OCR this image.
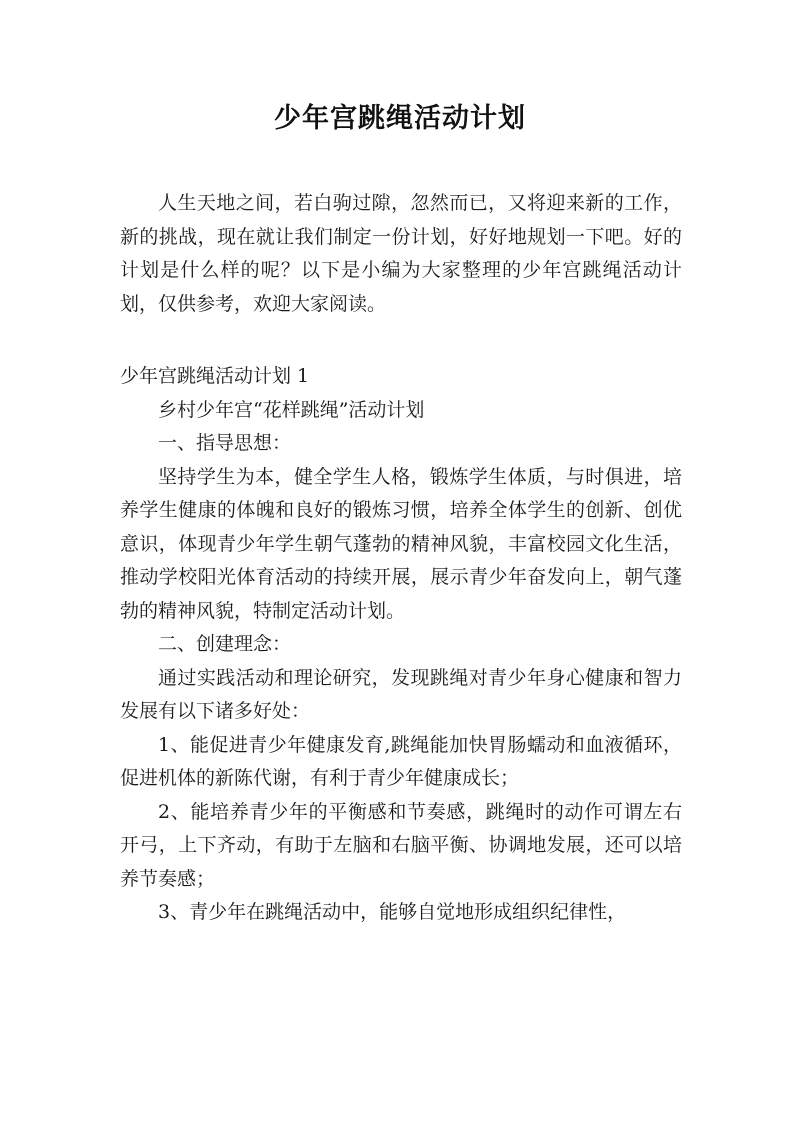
少年宫跳绳活动计划

人生天地之间，若白驹过隙，忽然而已，又将迎来新的工作，新的挑战，现在就让我们制定一份计划，好好地规划一下吧。好的计划是什么样的呢？以下是小编为大家整理的少年宫跳绳活动计划，仅供参考，欢迎大家阅读。

少年宫跳绳活动计划 1

乡村少年宫“花样跳绳”活动计划

一、指导思想：

坚持学生为本，健全学生人格，锻炼学生体质，与时俱进，培养学生健康的体魄和良好的锻炼习惯，培养全体学生的创新、创优意识，体现青少年学生朝气蓬勃的精神风貌，丰富校园文化生活，推动学校阳光体育活动的持续开展，展示青少年奋发向上，朝气蓬勃的精神风貌，特制定活动计划。

二、创建理念：

通过实践活动和理论研究，发现跳绳对青少年身心健康和智力发展有以下诸多好处：

1、能促进青少年健康发育,跳绳能加快胃肠蠕动和血液循环，促进机体的新陈代谢，有利于青少年健康成长；

2、能培养青少年的平衡感和节奏感，跳绳时的动作可谓左右开弓，上下齐动，有助于左脑和右脑平衡、协调地发展，还可以培养节奏感；

3、青少年在跳绳活动中，能够自觉地形成组织纪律性，
